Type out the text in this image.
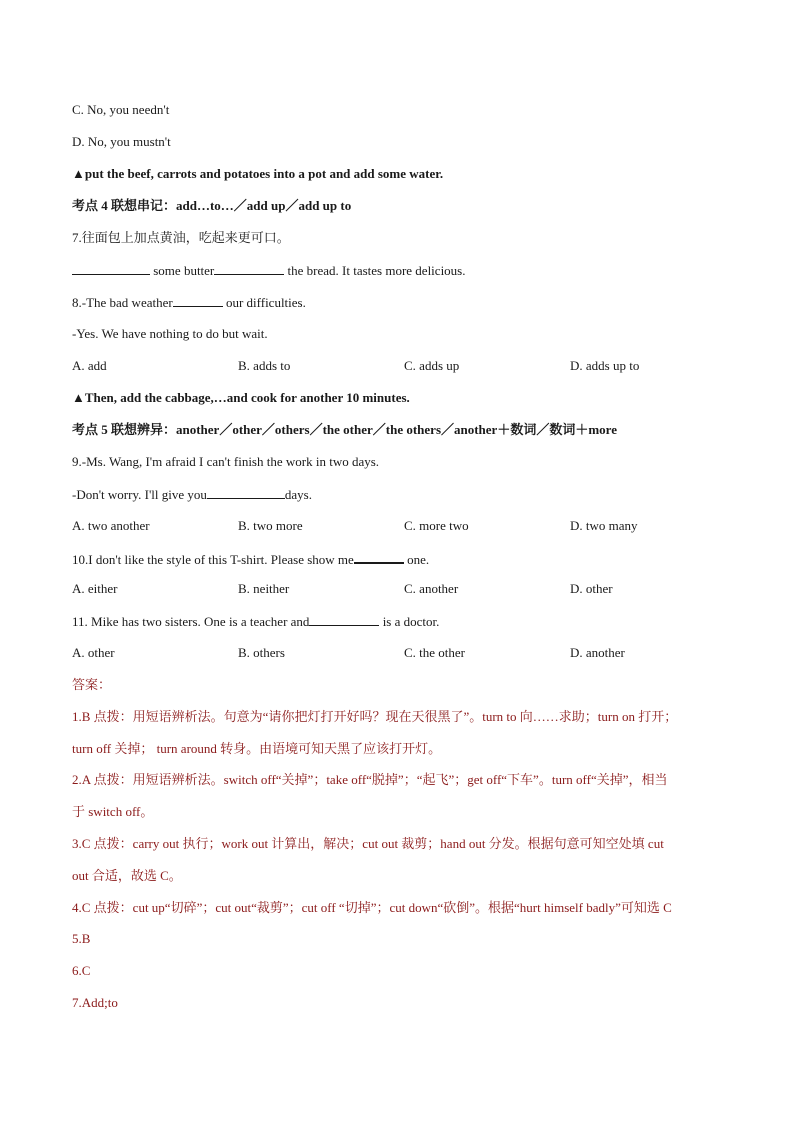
C. No, you needn't
D. No, you mustn't
▲put the beef, carrots and potatoes into a pot and add some water.
考点 4 联想串记：add…to…／add up／add up to
7.往面包上加点黄油，吃起来更可口。
some butter	the bread. It tastes more delicious.
8.-The bad weather	our difficulties.
-Yes. We have nothing to do but wait.
A. add	B. adds to	C. adds up	D. adds up to
▲Then, add the cabbage,…and cook for another 10 minutes.
考点 5 联想辨异：another／other／others／the other／the others／another＋数词／数词＋more
9.-Ms. Wang, I'm afraid I can't finish the work in two days.
-Don't worry. I'll give you	days.
A. two another	B. two more	C. more two	D. two many
10.I don't like the style of this T-shirt. Please show me	one.
A. either	B. neither	C. another	D. other
11. Mike has two sisters. One is a teacher and	is a doctor.
A. other	B. others	C. the other	D. another
答案：
1.B 点拨：用短语辨析法。句意为“请你把灯打开好吗？现在天很黑了”。turn to 向……求助；turn on 打开；
turn off 关掉； turn around 转身。由语境可知天黑了应该打开灯。
2.A 点拨：用短语辨析法。switch off“关掉”；take off“脱掉”；“起飞”；get off“下车”。turn off“关掉”，相当
于 switch off。
3.C 点拨：carry out 执行；work out 计算出，解决；cut out 裁剪；hand out 分发。根据句意可知空处填 cut
out 合适，故选 C。
4.C 点拨：cut up“切碎”；cut out“裁剪”；cut off “切掉”；cut down“砍倒”。根据“hurt himself badly”可知选 C
5.B
6.C
7.Add;to
